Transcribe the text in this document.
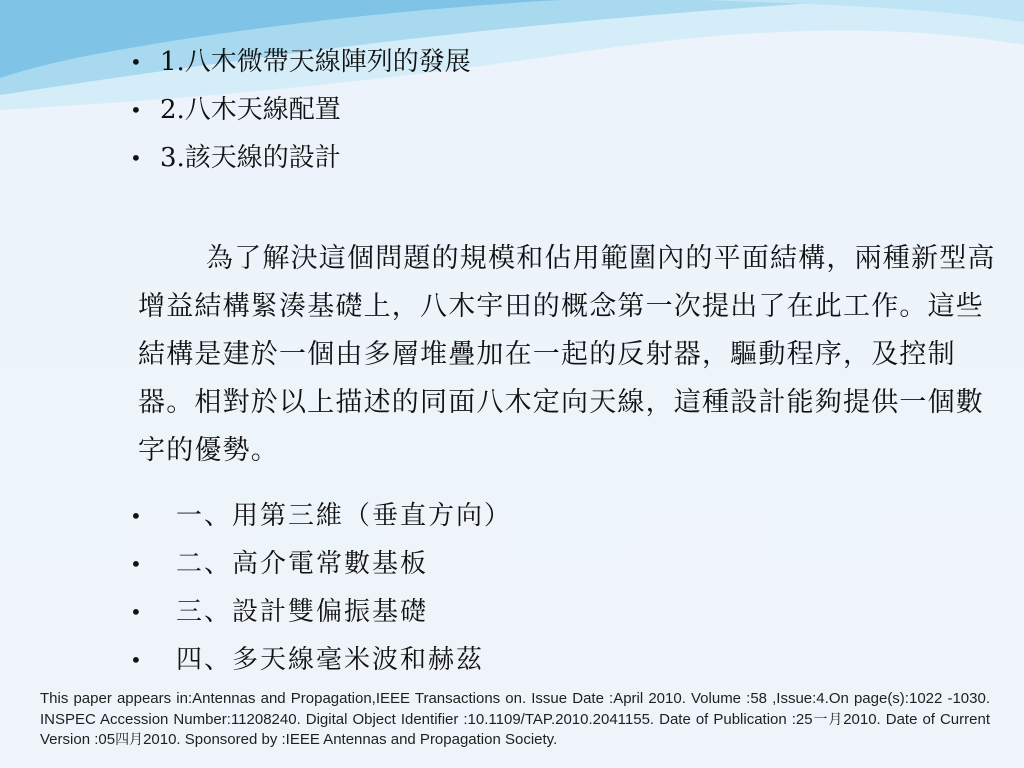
• 1.八木微帶天線陣列的發展
• 2.八木天線配置
• 3.該天線的設計

為了解決這個問題的規模和佔用範圍內的平面結構，兩種新型高增益結構緊湊基礎上，八木宇田的概念第一次提出了在此工作。這些結構是建於一個由多層堆疊加在一起的反射器，驅動程序，及控制器。相對於以上描述的同面八木定向天線，這種設計能夠提供一個數字的優勢。

•	一、用第三維（垂直方向）
•	二、高介電常數基板
•	三、設計雙偏振基礎
•	四、多天線毫米波和赫茲

This paper appears in:Antennas and Propagation,IEEE Transactions on. Issue Date :April 2010. Volume :58 ,Issue:4.On page(s):1022 -1030. INSPEC Accession Number:11208240. Digital Object Identifier :10.1109/TAP.2010.2041155. Date of Publication :25一月2010. Date of Current Version :05四月2010. Sponsored by :IEEE Antennas and Propagation Society.
